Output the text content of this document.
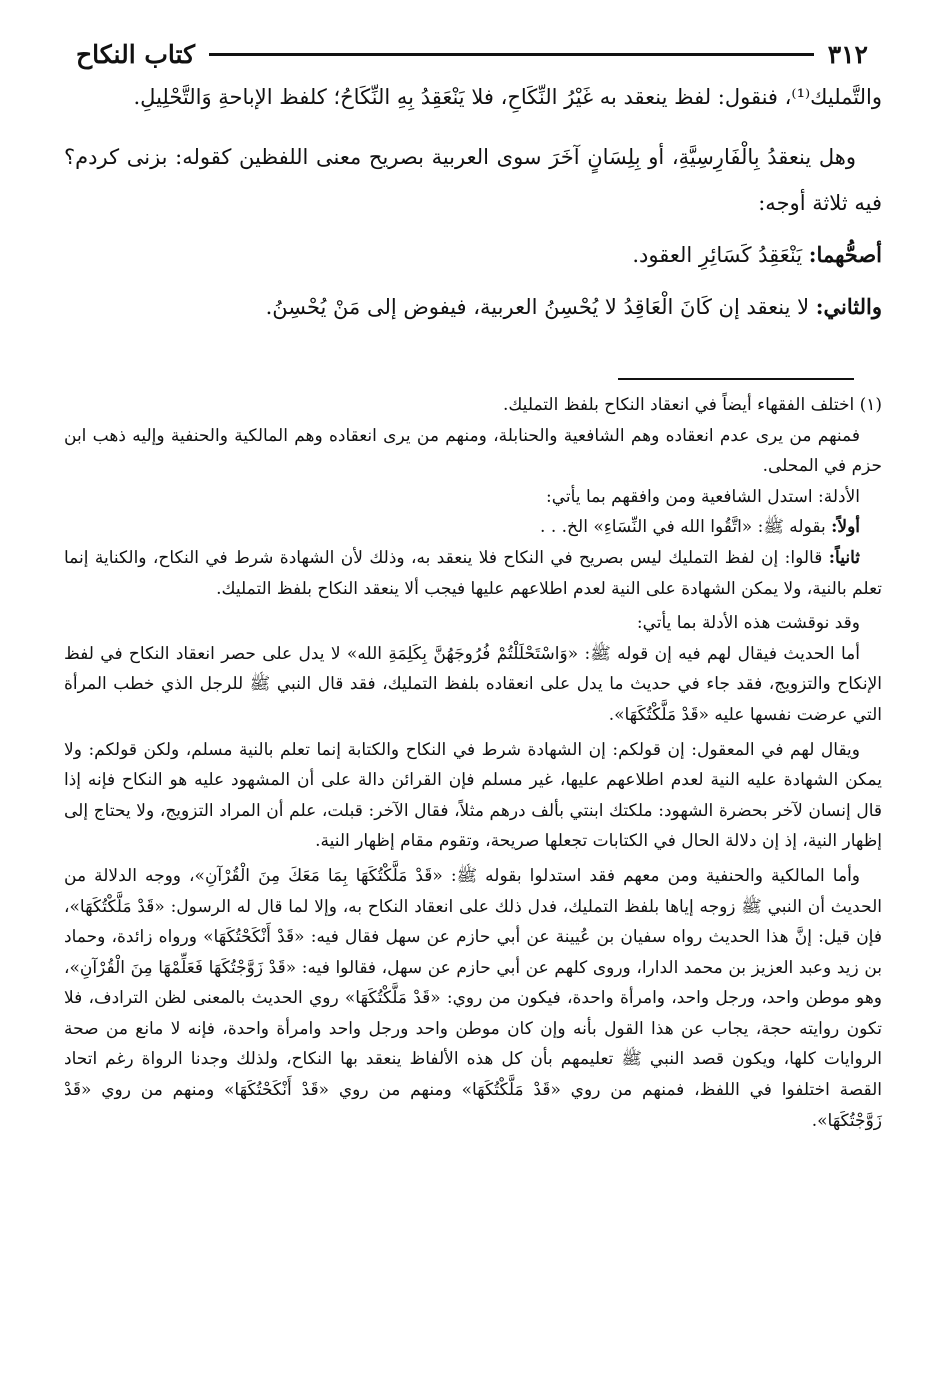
٣١٢
كتاب النكاح

والتَّمليك⁽¹⁾، فنقول: لفظ ينعقد به غَيْرُ النِّكَاحِ، فلا يَنْعَقِدُ بِهِ النِّكَاحُ؛ كلفظ الإباحةِ وَالتَّحْلِيلِ.

وهل ينعقدُ بِالْفَارِسِيَّةِ، أو بِلِسَانٍ آخَرَ سوى العربية بصريح معنى اللفظين كقوله: بزنى كردم؟ فيه ثلاثة أوجه:

أصحُّهما: يَنْعَقِدُ كَسَائِرِ العقود.

والثاني: لا ينعقد إن كَانَ الْعَاقِدُ لا يُحْسِنُ العربية، فيفوض إلى مَنْ يُحْسِنُ.

(١) اختلف الفقهاء أيضاً في انعقاد النكاح بلفظ التمليك.

فمنهم من يرى عدم انعقاده وهم الشافعية والحنابلة، ومنهم من يرى انعقاده وهم المالكية والحنفية وإليه ذهب ابن حزم في المحلى.

الأدلة: استدل الشافعية ومن وافقهم بما يأتي:

أولاً: بقوله ﷺ: «اتَّقُوا الله في النِّسَاءِ» الخ. . .

ثانياً: قالوا: إن لفظ التمليك ليس بصريح في النكاح فلا ينعقد به، وذلك لأن الشهادة شرط في النكاح، والكناية إنما تعلم بالنية، ولا يمكن الشهادة على النية لعدم اطلاعهم عليها فيجب ألا ينعقد النكاح بلفظ التمليك.

وقد نوقشت هذه الأدلة بما يأتي:

أما الحديث فيقال لهم فيه إن قوله ﷺ: «وَاسْتَحْلَلْتُمْ فُرُوجَهُنَّ بِكَلِمَةِ الله» لا يدل على حصر انعقاد النكاح في لفظ الإنكاح والتزويج، فقد جاء في حديث ما يدل على انعقاده بلفظ التمليك، فقد قال النبي ﷺ للرجل الذي خطب المرأة التي عرضت نفسها عليه «قَدْ مَلَّكْتُكَهَا».

ويقال لهم في المعقول: إن قولكم: إن الشهادة شرط في النكاح والكتابة إنما تعلم بالنية مسلم، ولكن قولكم: ولا يمكن الشهادة عليه النية لعدم اطلاعهم عليها، غير مسلم فإن القرائن دالة على أن المشهود عليه هو النكاح فإنه إذا قال إنسان لآخر بحضرة الشهود: ملكتك ابنتي بألف درهم مثلاً، فقال الآخر: قبلت، علم أن المراد التزويج، ولا يحتاج إلى إظهار النية، إذ إن دلالة الحال في الكتابات تجعلها صريحة، وتقوم مقام إظهار النية.

وأما المالكية والحنفية ومن معهم فقد استدلوا بقوله ﷺ: «قَدْ مَلَّكْتُكَهَا بِمَا مَعَكَ مِنَ الْقُرْآنِ»، ووجه الدلالة من الحديث أن النبي ﷺ زوجه إياها بلفظ التمليك، فدل ذلك على انعقاد النكاح به، وإلا لما قال له الرسول: «قَدْ مَلَّكْتُكَهَا»، فإن قيل: إنَّ هذا الحديث رواه سفيان بن عُيينة عن أبي حازم عن سهل فقال فيه: «قَدْ أَنْكَحْتُكَهَا» ورواه زائدة، وحماد بن زيد وعبد العزيز بن محمد الدارا، وروى كلهم عن أبي حازم عن سهل، فقالوا فيه: «قَدْ زَوَّجْتُكَهَا فَعَلِّمْهَا مِنَ الْقُرْآنِ»، وهو موطن واحد، ورجل واحد، وامرأة واحدة، فيكون من روي: «قَدْ مَلَّكْتُكَهَا» روي الحديث بالمعنى لظن الترادف، فلا تكون روايته حجة، يجاب عن هذا القول بأنه وإن كان موطن واحد ورجل واحد وامرأة واحدة، فإنه لا مانع من صحة الروايات كلها، ويكون قصد النبي ﷺ تعليمهم بأن كل هذه الألفاظ ينعقد بها النكاح، ولذلك وجدنا الرواة رغم اتحاد القصة اختلفوا في اللفظ، فمنهم من روي «قَدْ مَلَّكْتُكَهَا» ومنهم من روي «قَدْ أَنْكَحْتُكَهَا» ومنهم من روي «قَدْ زَوَّجْتُكَهَا».
